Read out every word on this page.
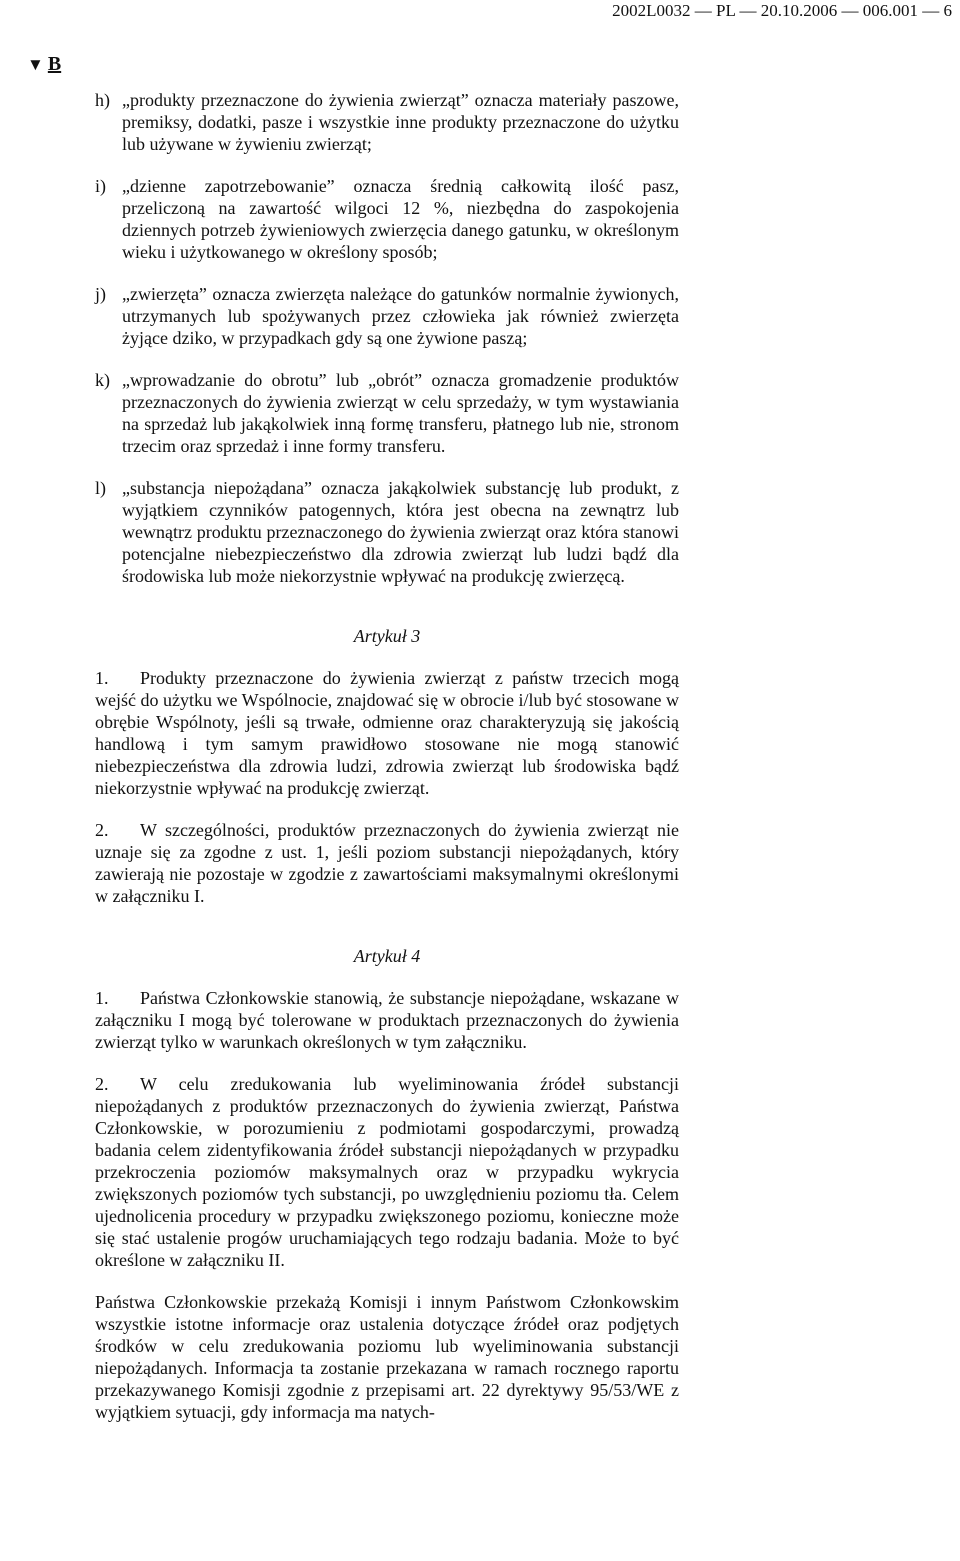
2002L0032 — PL — 20.10.2006 — 006.001 — 6
▼ B
h) „produkty przeznaczone do żywienia zwierząt” oznacza materiały paszowe, premiksy, dodatki, pasze i wszystkie inne produkty przeznaczone do użytku lub używane w żywieniu zwierząt;
i) „dzienne zapotrzebowanie” oznacza średnią całkowitą ilość pasz, przeliczoną na zawartość wilgoci 12 %, niezbędna do zaspokojenia dziennych potrzeb żywieniowych zwierzęcia danego gatunku, w określonym wieku i użytkowanego w określony sposób;
j) „zwierzęta” oznacza zwierzęta należące do gatunków normalnie żywionych, utrzymanych lub spożywanych przez człowieka jak również zwierzęta żyjące dziko, w przypadkach gdy są one żywione paszą;
k) „wprowadzanie do obrotu” lub „obrót” oznacza gromadzenie produktów przeznaczonych do żywienia zwierząt w celu sprzedaży, w tym wystawiania na sprzedaż lub jakąkolwiek inną formę transferu, płatnego lub nie, stronom trzecim oraz sprzedaż i inne formy transferu.
l) „substancja niepożądana” oznacza jakąkolwiek substancję lub produkt, z wyjątkiem czynników patogennych, która jest obecna na zewnątrz lub wewnątrz produktu przeznaczonego do żywienia zwierząt oraz która stanowi potencjalne niebezpieczeństwo dla zdrowia zwierząt lub ludzi bądź dla środowiska lub może niekorzystnie wpływać na produkcję zwierzęcą.
Artykuł 3
1. Produkty przeznaczone do żywienia zwierząt z państw trzecich mogą wejść do użytku we Wspólnocie, znajdować się w obrocie i/lub być stosowane w obrębie Wspólnoty, jeśli są trwałe, odmienne oraz charakteryzują się jakością handlową i tym samym prawidłowo stosowane nie mogą stanowić niebezpieczeństwa dla zdrowia ludzi, zdrowia zwierząt lub środowiska bądź niekorzystnie wpływać na produkcję zwierząt.
2. W szczególności, produktów przeznaczonych do żywienia zwierząt nie uznaje się za zgodne z ust. 1, jeśli poziom substancji niepożądanych, który zawierają nie pozostaje w zgodzie z zawartościami maksymalnymi określonymi w załączniku I.
Artykuł 4
1. Państwa Członkowskie stanowią, że substancje niepożądane, wskazane w załączniku I mogą być tolerowane w produktach przeznaczonych do żywienia zwierząt tylko w warunkach określonych w tym załączniku.
2. W celu zredukowania lub wyeliminowania źródeł substancji niepożądanych z produktów przeznaczonych do żywienia zwierząt, Państwa Członkowskie, w porozumieniu z podmiotami gospodarczymi, prowadzą badania celem zidentyfikowania źródeł substancji niepożądanych w przypadku przekroczenia poziomów maksymalnych oraz w przypadku wykrycia zwiększonych poziomów tych substancji, po uwzględnieniu poziomu tła. Celem ujednolicenia procedury w przypadku zwiększonego poziomu, konieczne może się stać ustalenie progów uruchamiających tego rodzaju badania. Może to być określone w załączniku II.
Państwa Członkowskie przekażą Komisji i innym Państwom Członkowskim wszystkie istotne informacje oraz ustalenia dotyczące źródeł oraz podjętych środków w celu zredukowania poziomu lub wyeliminowania substancji niepożądanych. Informacja ta zostanie przekazana w ramach rocznego raportu przekazywanego Komisji zgodnie z przepisami art. 22 dyrektywy 95/53/WE z wyjątkiem sytuacji, gdy informacja ma natych-
